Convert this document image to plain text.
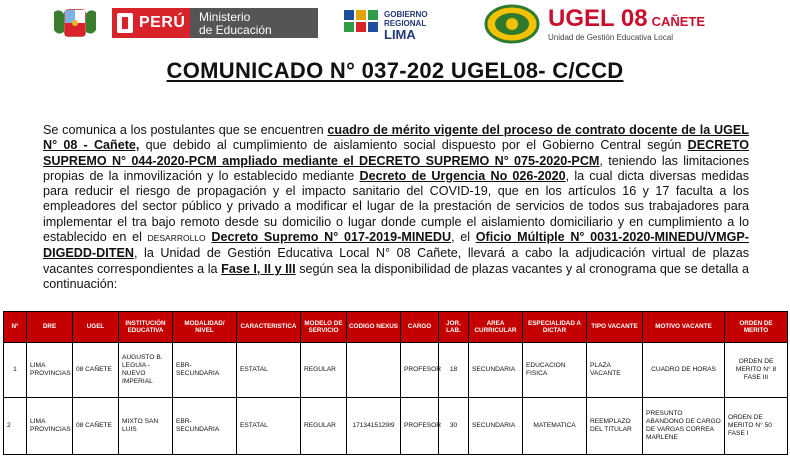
PERÚ Ministerio
de Educación
GOBIERNO
REGIONAL
LIMA
UGEL 08 CAÑETE
Unidad de Gestión Educativa Local
COMUNICADO N° 037-202 UGEL08- C/CCD
Se comunica a los postulantes que se encuentren cuadro de mérito vigente del proceso de contrato docente de la UGEL N° 08 - Cañete, que debido al cumplimiento de aislamiento social dispuesto por el Gobierno Central según DECRETO SUPREMO N° 044-2020-PCM ampliado mediante el DECRETO SUPREMO N° 075-2020-PCM, teniendo las limitaciones propias de la inmovilización y lo establecido mediante Decreto de Urgencia No 026-2020, la cual dicta diversas medidas para reducir el riesgo de propagación y el impacto sanitario del COVID-19, que en los artículos 16 y 17 faculta a los empleadores del sector público y privado a modificar el lugar de la prestación de servicios de todos sus trabajadores para implementar el tra bajo remoto desde su domicilio o lugar donde cumple el aislamiento domiciliario y en cumplimiento a lo establecido en el DESARROLLO Decreto Supremo N° 017-2019-MINEDU, el Oficio Múltiple N° 0031-2020-MINEDU/VMGP-DIGEDD-DITEN, la Unidad de Gestión Educativa Local N° 08 Cañete, llevará a cabo la adjudicación virtual de plazas vacantes correspondientes a la Fase I, II y III según sea la disponibilidad de plazas vacantes y al cronograma que se detalla a continuación:
N°	DRE	UGEL	INSTITUCIÓN EDUCATIVA	MODALIDAD/ NIVEL	CARACTERISTICA	MODELO DE SERVICIO	CODIGO NEXUS	CARGO	JOR. LAB.	AREA CURRICULAR	ESPECIALIDAD A DICTAR	TIPO VACANTE	MOTIVO VACANTE	ORDEN DE MERITO
1	LIMA PROVINCIAS	08 CAÑETE	AUGUSTO B. LEGUIA - NUEVO IMPERIAL	EBR-SECUNDARIA	ESTATAL	REGULAR		PROFESOR	18	SECUNDARIA	EDUCACION FISICA	PLAZA VACANTE	CUADRO DE HORAS	ORDEN DE MERITO N° 8 FASE III
2	LIMA PROVINCIAS	08 CAÑETE	MIXTO SAN LUIS	EBR-SECUNDARIA	ESTATAL	REGULAR	1713415129I9	PROFESOR	30	SECUNDARIA	MATEMATICA	REEMPLAZO DEL TITULAR	PRESUNTO ABANDONO DE CARGO DE VARGAS CORREA MARLENE	ORDEN DE MERITO N° 50 FASE I
